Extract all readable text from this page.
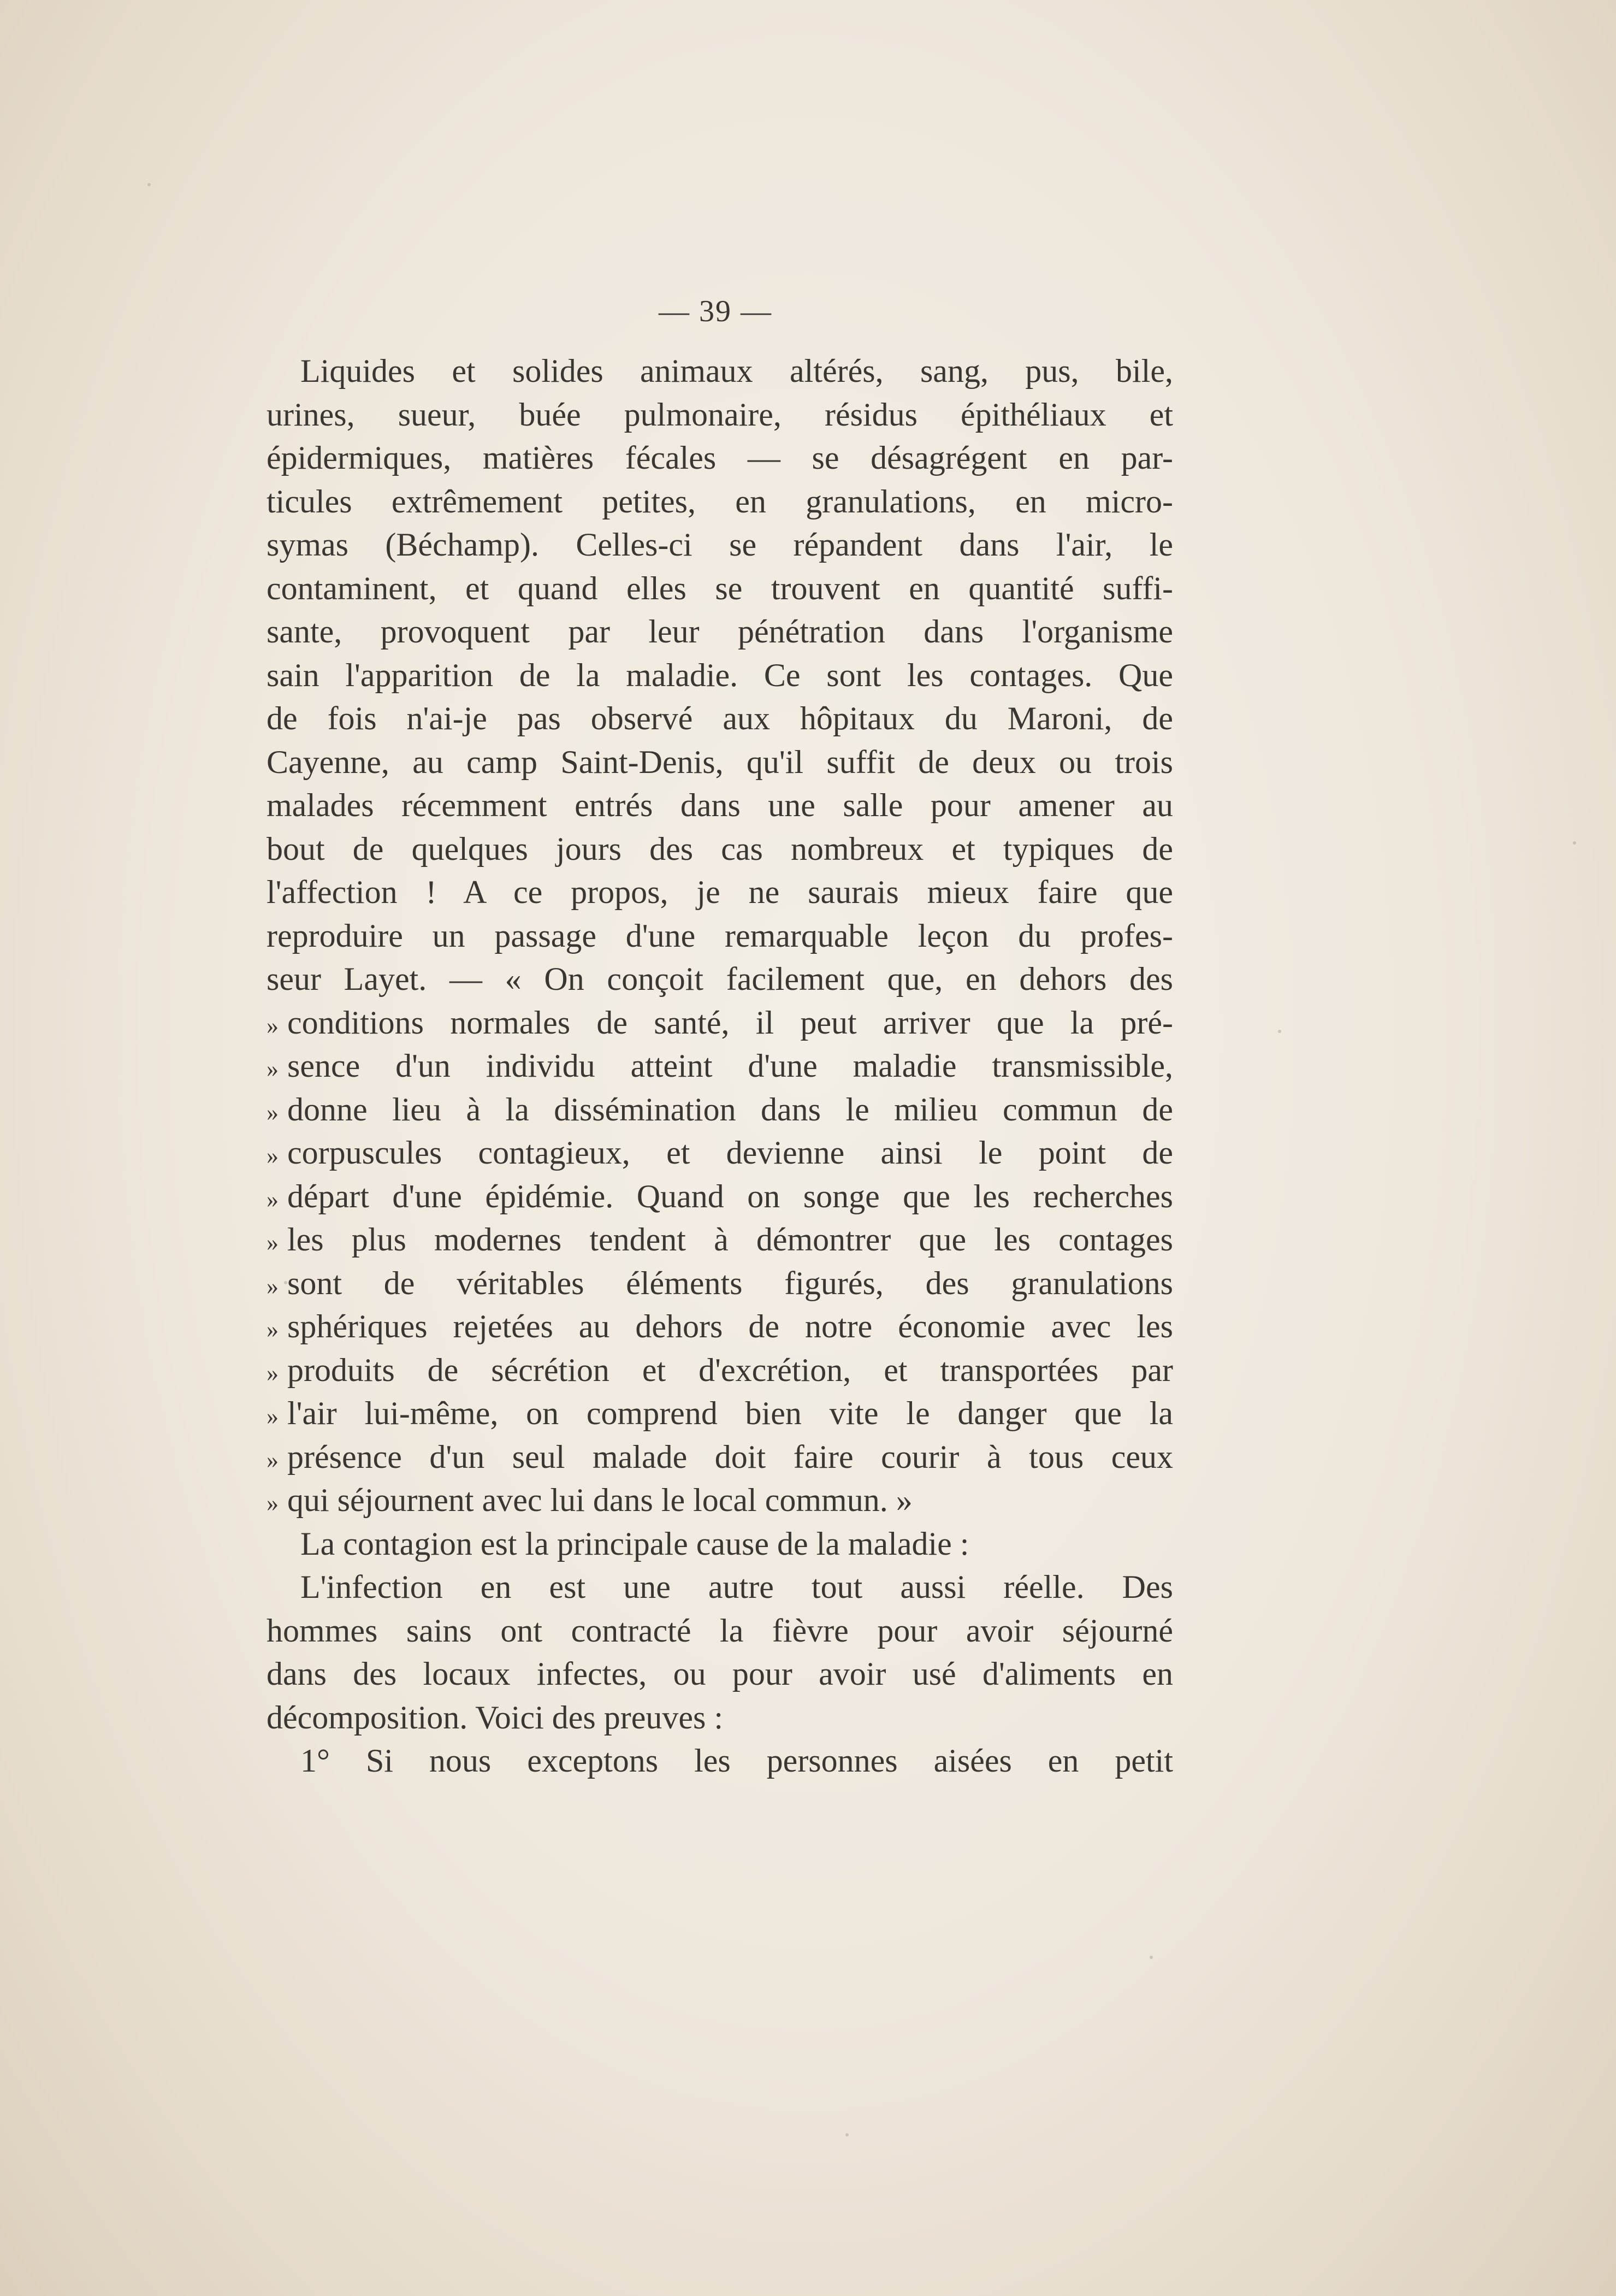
— 39 —
Liquides et solides animaux altérés, sang, pus, bile,
urines, sueur, buée pulmonaire, résidus épithéliaux et
épidermiques, matières fécales — se désagrégent en par-
ticules extrêmement petites, en granulations, en micro-
symas (Béchamp). Celles-ci se répandent dans l'air, le
contaminent, et quand elles se trouvent en quantité suffi-
sante, provoquent par leur pénétration dans l'organisme
sain l'apparition de la maladie. Ce sont les contages. Que
de fois n'ai-je pas observé aux hôpitaux du Maroni, de
Cayenne, au camp Saint-Denis, qu'il suffit de deux ou trois
malades récemment entrés dans une salle pour amener au
bout de quelques jours des cas nombreux et typiques de
l'affection ! A ce propos, je ne saurais mieux faire que
reproduire un passage d'une remarquable leçon du profes-
seur Layet. — « On conçoit facilement que, en dehors des
» conditions normales de santé, il peut arriver que la pré-
» sence d'un individu atteint d'une maladie transmissible,
» donne lieu à la dissémination dans le milieu commun de
» corpuscules contagieux, et devienne ainsi le point de
» départ d'une épidémie. Quand on songe que les recherches
» les plus modernes tendent à démontrer que les contages
» sont de véritables éléments figurés, des granulations
» sphériques rejetées au dehors de notre économie avec les
» produits de sécrétion et d'excrétion, et transportées par
» l'air lui-même, on comprend bien vite le danger que la
» présence d'un seul malade doit faire courir à tous ceux
» qui séjournent avec lui dans le local commun. »
La contagion est la principale cause de la maladie :
L'infection en est une autre tout aussi réelle. Des
hommes sains ont contracté la fièvre pour avoir séjourné
dans des locaux infectes, ou pour avoir usé d'aliments en
décomposition. Voici des preuves :
1° Si nous exceptons les personnes aisées en petit
